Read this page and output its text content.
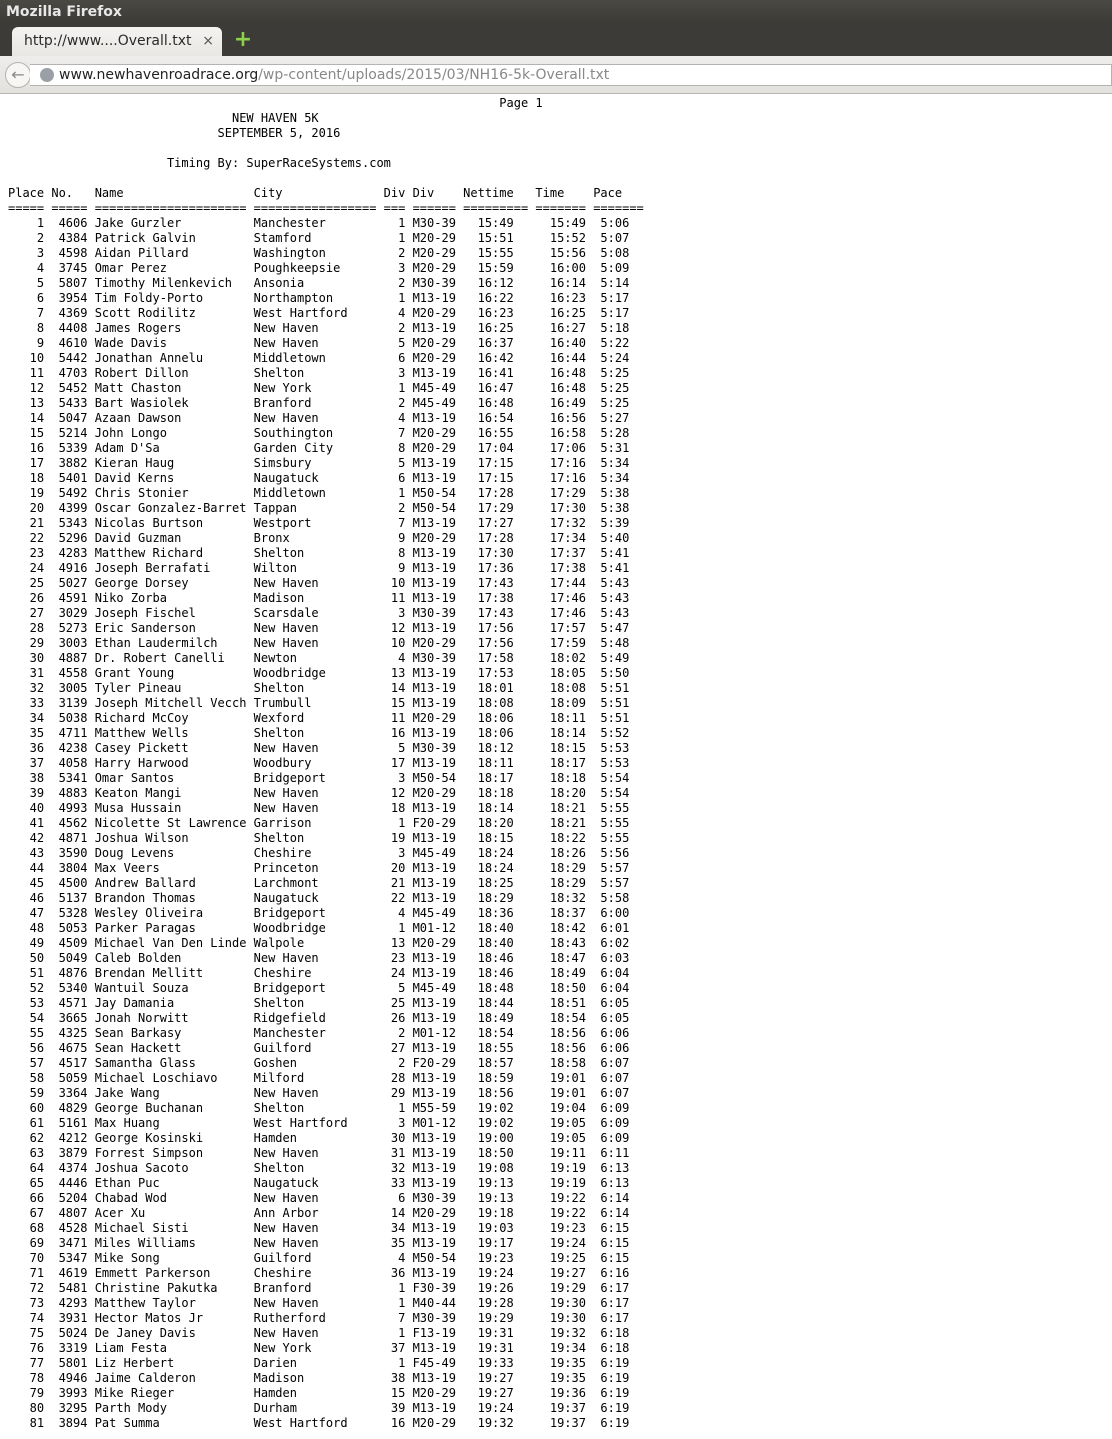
Mozilla Firefox
http://www....Overall.txt × +
←	www.newhavenroadrace.org/wp-content/uploads/2015/03/NH16-5k-Overall.txt
Page 1
NEW HAVEN 5K
SEPTEMBER 5, 2016

Timing By: SuperRaceSystems.com

Place No.   Name                  City              Div Div    Nettime   Time    Pace
===== ===== ===================== ================= === ====== ========= ======= =======
1  4606 Jake Gurzler          Manchester          1 M30-39   15:49     15:49  5:06
2  4384 Patrick Galvin        Stamford            1 M20-29   15:51     15:52  5:07
3  4598 Aidan Pillard         Washington          2 M20-29   15:55     15:56  5:08
4  3745 Omar Perez            Poughkeepsie        3 M20-29   15:59     16:00  5:09
5  5807 Timothy Milenkevich   Ansonia             2 M30-39   16:12     16:14  5:14
6  3954 Tim Foldy-Porto       Northampton         1 M13-19   16:22     16:23  5:17
7  4369 Scott Rodilitz        West Hartford       4 M20-29   16:23     16:25  5:17
8  4408 James Rogers          New Haven           2 M13-19   16:25     16:27  5:18
9  4610 Wade Davis            New Haven           5 M20-29   16:37     16:40  5:22
10  5442 Jonathan Annelu       Middletown          6 M20-29   16:42     16:44  5:24
11  4703 Robert Dillon         Shelton             3 M13-19   16:41     16:48  5:25
12  5452 Matt Chaston          New York            1 M45-49   16:47     16:48  5:25
13  5433 Bart Wasiolek         Branford            2 M45-49   16:48     16:49  5:25
14  5047 Azaan Dawson          New Haven           4 M13-19   16:54     16:56  5:27
15  5214 John Longo            Southington         7 M20-29   16:55     16:58  5:28
16  5339 Adam D'Sa             Garden City         8 M20-29   17:04     17:06  5:31
17  3882 Kieran Haug           Simsbury            5 M13-19   17:15     17:16  5:34
18  5401 David Kerns           Naugatuck           6 M13-19   17:15     17:16  5:34
19  5492 Chris Stonier         Middletown          1 M50-54   17:28     17:29  5:38
20  4399 Oscar Gonzalez-Barret Tappan              2 M50-54   17:29     17:30  5:38
21  5343 Nicolas Burtson       Westport            7 M13-19   17:27     17:32  5:39
22  5296 David Guzman          Bronx               9 M20-29   17:28     17:34  5:40
23  4283 Matthew Richard       Shelton             8 M13-19   17:30     17:37  5:41
24  4916 Joseph Berrafati      Wilton              9 M13-19   17:36     17:38  5:41
25  5027 George Dorsey         New Haven          10 M13-19   17:43     17:44  5:43
26  4591 Niko Zorba            Madison            11 M13-19   17:38     17:46  5:43
27  3029 Joseph Fischel        Scarsdale           3 M30-39   17:43     17:46  5:43
28  5273 Eric Sanderson        New Haven          12 M13-19   17:56     17:57  5:47
29  3003 Ethan Laudermilch     New Haven          10 M20-29   17:56     17:59  5:48
30  4887 Dr. Robert Canelli    Newton              4 M30-39   17:58     18:02  5:49
31  4558 Grant Young           Woodbridge         13 M13-19   17:53     18:05  5:50
32  3005 Tyler Pineau          Shelton            14 M13-19   18:01     18:08  5:51
33  3139 Joseph Mitchell Vecch Trumbull           15 M13-19   18:08     18:09  5:51
34  5038 Richard McCoy         Wexford            11 M20-29   18:06     18:11  5:51
35  4711 Matthew Wells         Shelton            16 M13-19   18:06     18:14  5:52
36  4238 Casey Pickett         New Haven           5 M30-39   18:12     18:15  5:53
37  4058 Harry Harwood         Woodbury           17 M13-19   18:11     18:17  5:53
38  5341 Omar Santos           Bridgeport          3 M50-54   18:17     18:18  5:54
39  4883 Keaton Mangi          New Haven          12 M20-29   18:18     18:20  5:54
40  4993 Musa Hussain          New Haven          18 M13-19   18:14     18:21  5:55
41  4562 Nicolette St Lawrence Garrison            1 F20-29   18:20     18:21  5:55
42  4871 Joshua Wilson         Shelton            19 M13-19   18:15     18:22  5:55
43  3590 Doug Levens           Cheshire            3 M45-49   18:24     18:26  5:56
44  3804 Max Veers             Princeton          20 M13-19   18:24     18:29  5:57
45  4500 Andrew Ballard        Larchmont          21 M13-19   18:25     18:29  5:57
46  5137 Brandon Thomas        Naugatuck          22 M13-19   18:29     18:32  5:58
47  5328 Wesley Oliveira       Bridgeport          4 M45-49   18:36     18:37  6:00
48  5053 Parker Paragas        Woodbridge          1 M01-12   18:40     18:42  6:01
49  4509 Michael Van Den Linde Walpole            13 M20-29   18:40     18:43  6:02
50  5049 Caleb Bolden          New Haven          23 M13-19   18:46     18:47  6:03
51  4876 Brendan Mellitt       Cheshire           24 M13-19   18:46     18:49  6:04
52  5340 Wantuil Souza         Bridgeport          5 M45-49   18:48     18:50  6:04
53  4571 Jay Damania           Shelton            25 M13-19   18:44     18:51  6:05
54  3665 Jonah Norwitt         Ridgefield         26 M13-19   18:49     18:54  6:05
55  4325 Sean Barkasy          Manchester          2 M01-12   18:54     18:56  6:06
56  4675 Sean Hackett          Guilford           27 M13-19   18:55     18:56  6:06
57  4517 Samantha Glass        Goshen              2 F20-29   18:57     18:58  6:07
58  5059 Michael Loschiavo     Milford            28 M13-19   18:59     19:01  6:07
59  3364 Jake Wang             New Haven          29 M13-19   18:56     19:01  6:07
60  4829 George Buchanan       Shelton             1 M55-59   19:02     19:04  6:09
61  5161 Max Huang             West Hartford       3 M01-12   19:02     19:05  6:09
62  4212 George Kosinski       Hamden             30 M13-19   19:00     19:05  6:09
63  3879 Forrest Simpson       New Haven          31 M13-19   18:50     19:11  6:11
64  4374 Joshua Sacoto         Shelton            32 M13-19   19:08     19:19  6:13
65  4446 Ethan Puc             Naugatuck          33 M13-19   19:13     19:19  6:13
66  5204 Chabad Wod            New Haven           6 M30-39   19:13     19:22  6:14
67  4807 Acer Xu               Ann Arbor          14 M20-29   19:18     19:22  6:14
68  4528 Michael Sisti         New Haven          34 M13-19   19:03     19:23  6:15
69  3471 Miles Williams        New Haven          35 M13-19   19:17     19:24  6:15
70  5347 Mike Song             Guilford            4 M50-54   19:23     19:25  6:15
71  4619 Emmett Parkerson      Cheshire           36 M13-19   19:24     19:27  6:16
72  5481 Christine Pakutka     Branford            1 F30-39   19:26     19:29  6:17
73  4293 Matthew Taylor        New Haven           1 M40-44   19:28     19:30  6:17
74  3931 Hector Matos Jr       Rutherford          7 M30-39   19:29     19:30  6:17
75  5024 De Janey Davis        New Haven           1 F13-19   19:31     19:32  6:18
76  3319 Liam Festa            New York           37 M13-19   19:31     19:34  6:18
77  5801 Liz Herbert           Darien              1 F45-49   19:33     19:35  6:19
78  4946 Jaime Calderon        Madison            38 M13-19   19:27     19:35  6:19
79  3993 Mike Rieger           Hamden             15 M20-29   19:27     19:36  6:19
80  3295 Parth Mody            Durham             39 M13-19   19:24     19:37  6:19
81  3894 Pat Summa             West Hartford      16 M20-29   19:32     19:37  6:19
